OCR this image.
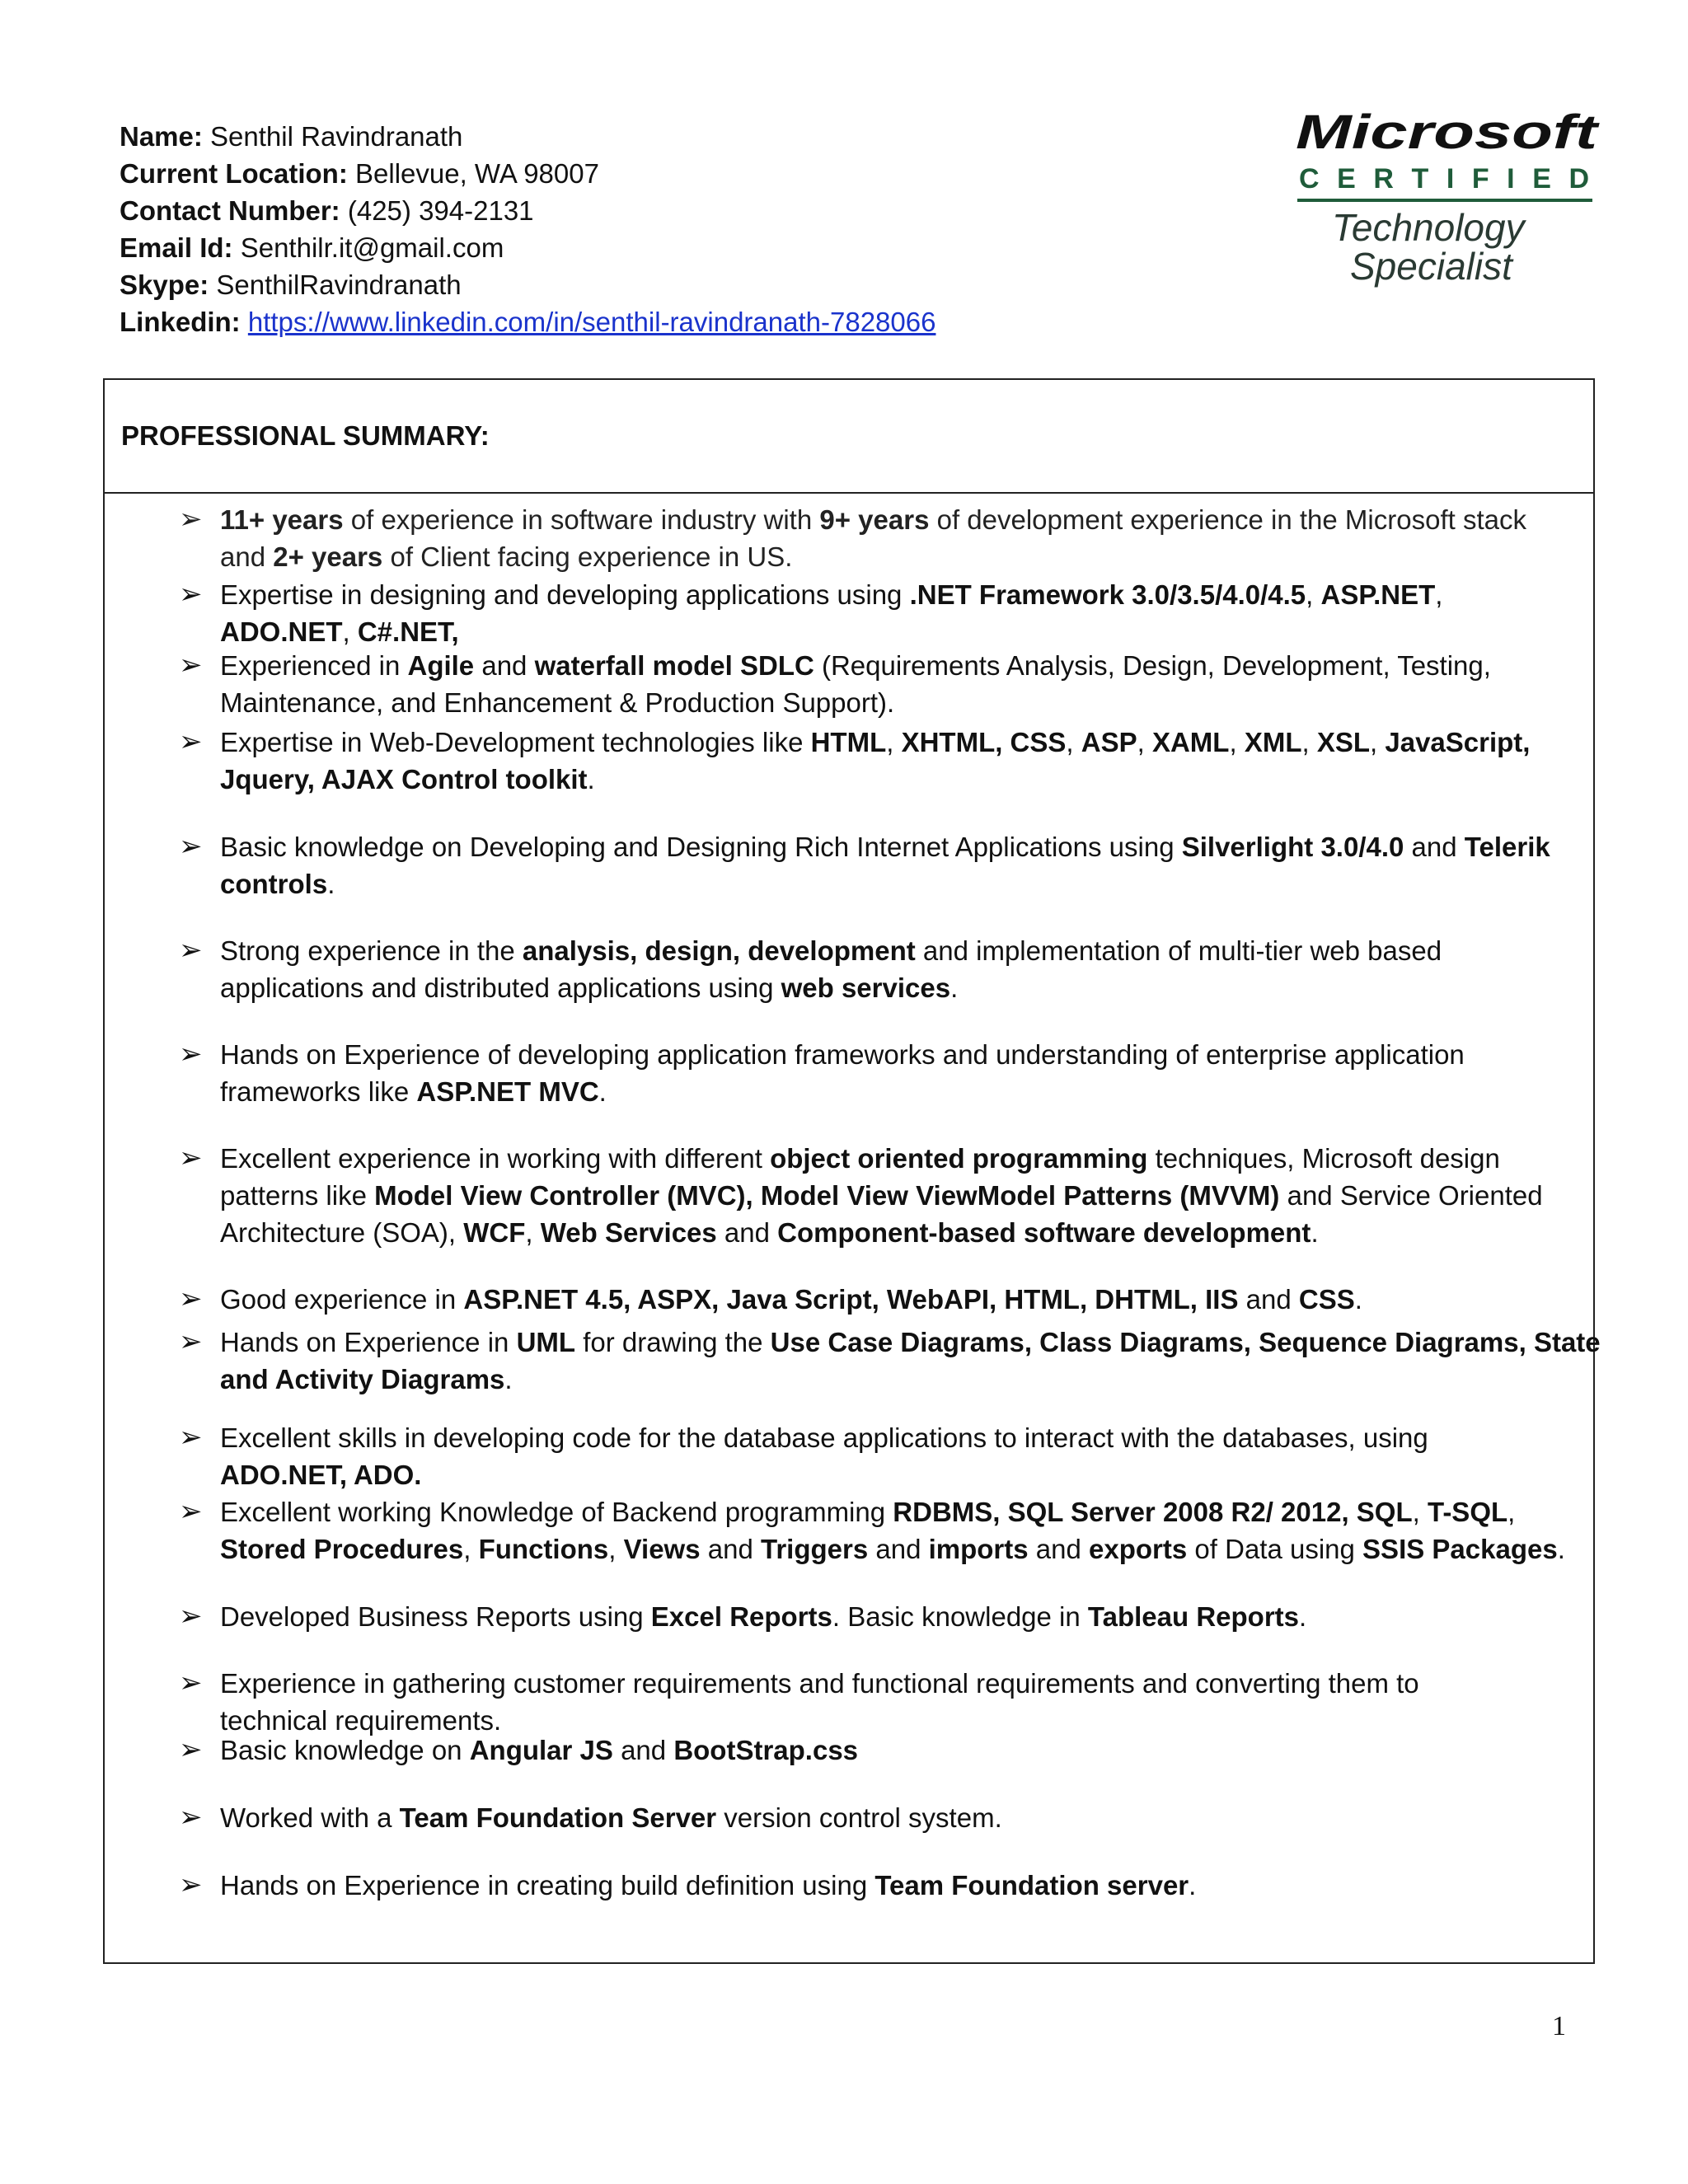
Name: Senthil Ravindranath
Current Location: Bellevue, WA 98007
Contact Number: (425) 394-2131
Email Id: Senthilr.it@gmail.com
Skype: SenthilRavindranath
Linkedin: https://www.linkedin.com/in/senthil-ravindranath-7828066
Microsoft
CERTIFIED
Technology
Specialist
PROFESSIONAL SUMMARY:
➢ 11+ years of experience in software industry with 9+ years of development experience in the Microsoft stack
and 2+ years of Client facing experience in US.
➢ Expertise in designing and developing applications using .NET Framework 3.0/3.5/4.0/4.5, ASP.NET,
ADO.NET, C#.NET,
➢ Experienced in Agile and waterfall model SDLC (Requirements Analysis, Design, Development, Testing,
Maintenance, and Enhancement & Production Support).
➢ Expertise in Web-Development technologies like HTML, XHTML, CSS, ASP, XAML, XML, XSL, JavaScript,
Jquery, AJAX Control toolkit.
➢ Basic knowledge on Developing and Designing Rich Internet Applications using Silverlight 3.0/4.0 and Telerik
controls.
➢ Strong experience in the analysis, design, development and implementation of multi-tier web based
applications and distributed applications using web services.
➢ Hands on Experience of developing application frameworks and understanding of enterprise application
frameworks like ASP.NET MVC.
➢ Excellent experience in working with different object oriented programming techniques, Microsoft design
patterns like Model View Controller (MVC), Model View ViewModel Patterns (MVVM) and Service Oriented
Architecture (SOA), WCF, Web Services and Component-based software development.
➢ Good experience in ASP.NET 4.5, ASPX, Java Script, WebAPI, HTML, DHTML, IIS and CSS.
➢ Hands on Experience in UML for drawing the Use Case Diagrams, Class Diagrams, Sequence Diagrams, State
and Activity Diagrams.
➢ Excellent skills in developing code for the database applications to interact with the databases, using
ADO.NET, ADO.
➢ Excellent working Knowledge of Backend programming RDBMS, SQL Server 2008 R2/ 2012, SQL, T-SQL,
Stored Procedures, Functions, Views and Triggers and imports and exports of Data using SSIS Packages.
➢ Developed Business Reports using Excel Reports. Basic knowledge in Tableau Reports.
➢ Experience in gathering customer requirements and functional requirements and converting them to
technical requirements.
➢ Basic knowledge on Angular JS and BootStrap.css
➢ Worked with a Team Foundation Server version control system.
➢ Hands on Experience in creating build definition using Team Foundation server.
1
